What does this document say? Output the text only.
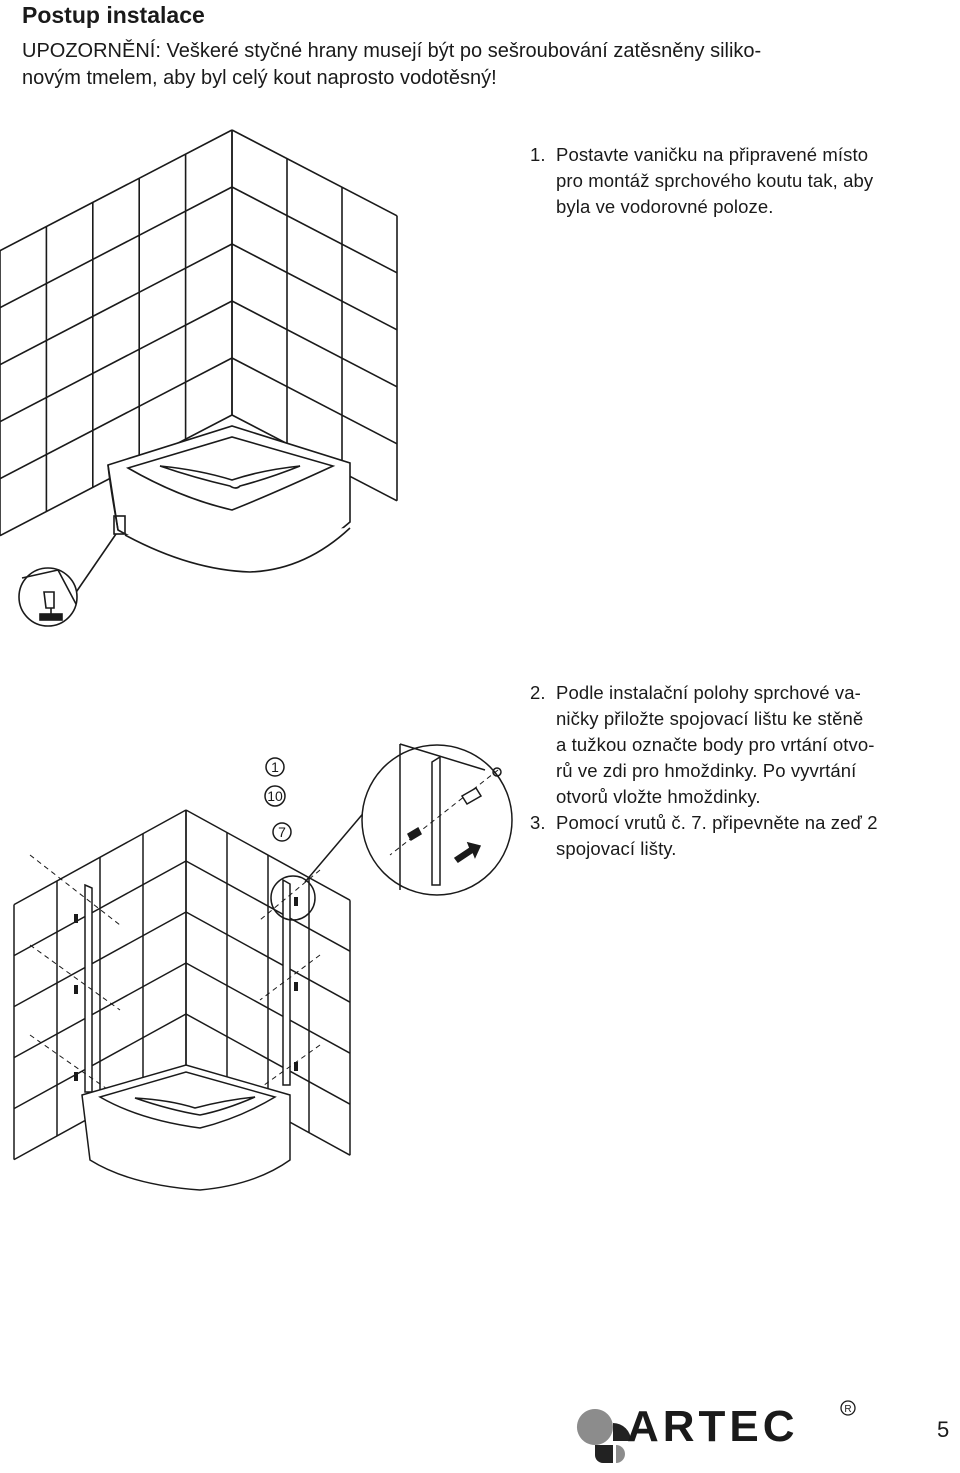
Postup instalace

UPOZORNĚNÍ: Veškeré styčné hrany musejí být po sešroubování zatěsněny siliko-

novým tmelem, aby byl celý kout naprosto vodotěsný!

1. Postavte vaničku na připravené místo

pro montáž sprchového koutu tak, aby

byla ve vodorovné poloze.

2. Podle instalační polohy sprchové va-

ničky přiložte spojovací lištu ke stěně

a tužkou označte body pro vrtání otvo-

rů ve zdi pro hmoždinky. Po vyvrtání

otvorů vložte hmoždinky.

3. Pomocí vrutů č. 7. připevněte na zeď 2

spojovací lišty.

1
10
7
ARTEC	R
5
